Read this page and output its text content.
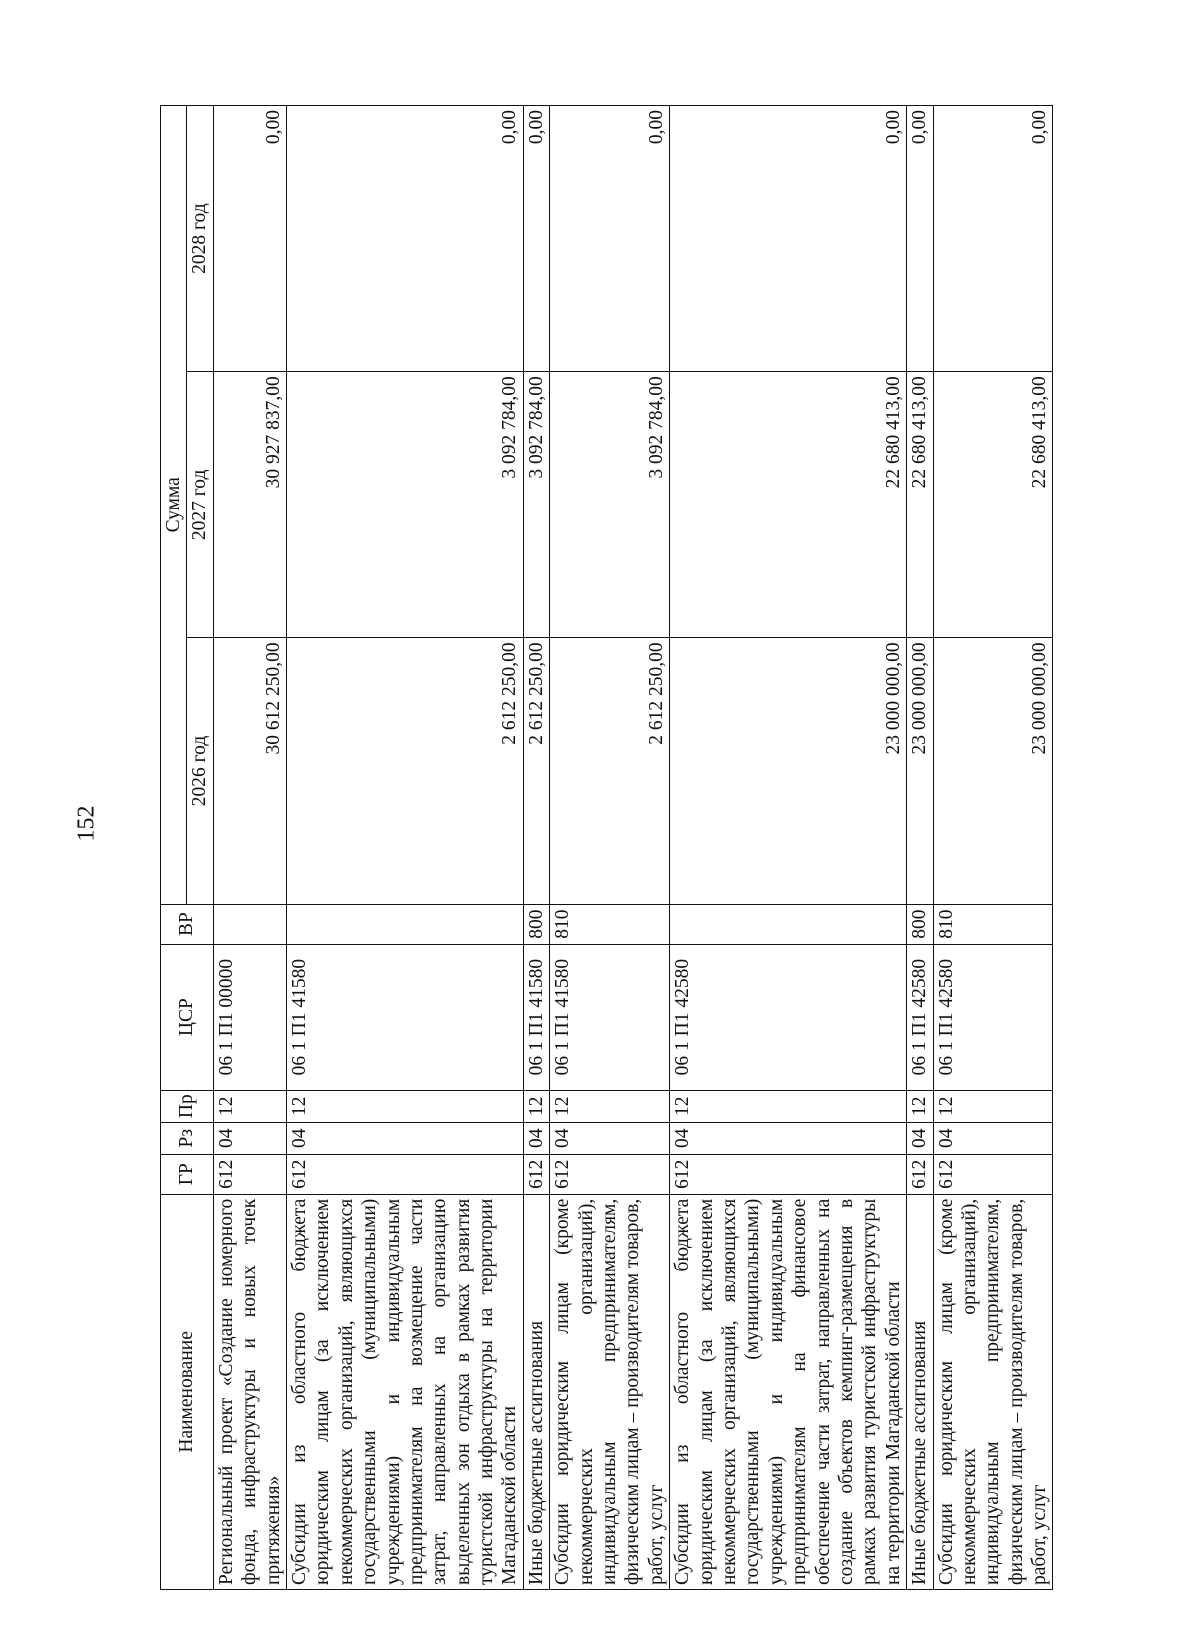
152
Наименование	ГР	Рз	Пр	ЦСР	ВР	Сумма		
						2026 год	2027 год	2028 год
Региональный проект «Создание номерного фонда, инфраструктуры и новых точек притяжения»	612	04	12	06 1 П1 00000		30 612 250,00	30 927 837,00	0,00
Субсидии из областного бюджета юридическим лицам (за исключением некоммерческих организаций, являющихся государственными (муниципальными) учреждениями) и индивидуальным предпринимателям на возмещение части затрат, направленных на организацию выделенных зон отдыха в рамках развития туристской инфраструктуры на территории Магаданской области	612	04	12	06 1 П1 41580		2 612 250,00	3 092 784,00	0,00
Иные бюджетные ассигнования	612	04	12	06 1 П1 41580	800	2 612 250,00	3 092 784,00	0,00
Субсидии юридическим лицам (кроме некоммерческих организаций), индивидуальным предпринимателям, физическим лицам – производителям товаров, работ, услуг	612	04	12	06 1 П1 41580	810	2 612 250,00	3 092 784,00	0,00
Субсидии из областного бюджета юридическим лицам (за исключением некоммерческих организаций, являющихся государственными (муниципальными) учреждениями) и индивидуальным предпринимателям на финансовое обеспечение части затрат, направленных на создание объектов кемпинг-размещения в рамках развития туристской инфраструктуры на территории Магаданской области	612	04	12	06 1 П1 42580		23 000 000,00	22 680 413,00	0,00
Иные бюджетные ассигнования	612	04	12	06 1 П1 42580	800	23 000 000,00	22 680 413,00	0,00
Субсидии юридическим лицам (кроме некоммерческих организаций), индивидуальным предпринимателям, физическим лицам – производителям товаров, работ, услуг	612	04	12	06 1 П1 42580	810	23 000 000,00	22 680 413,00	0,00
